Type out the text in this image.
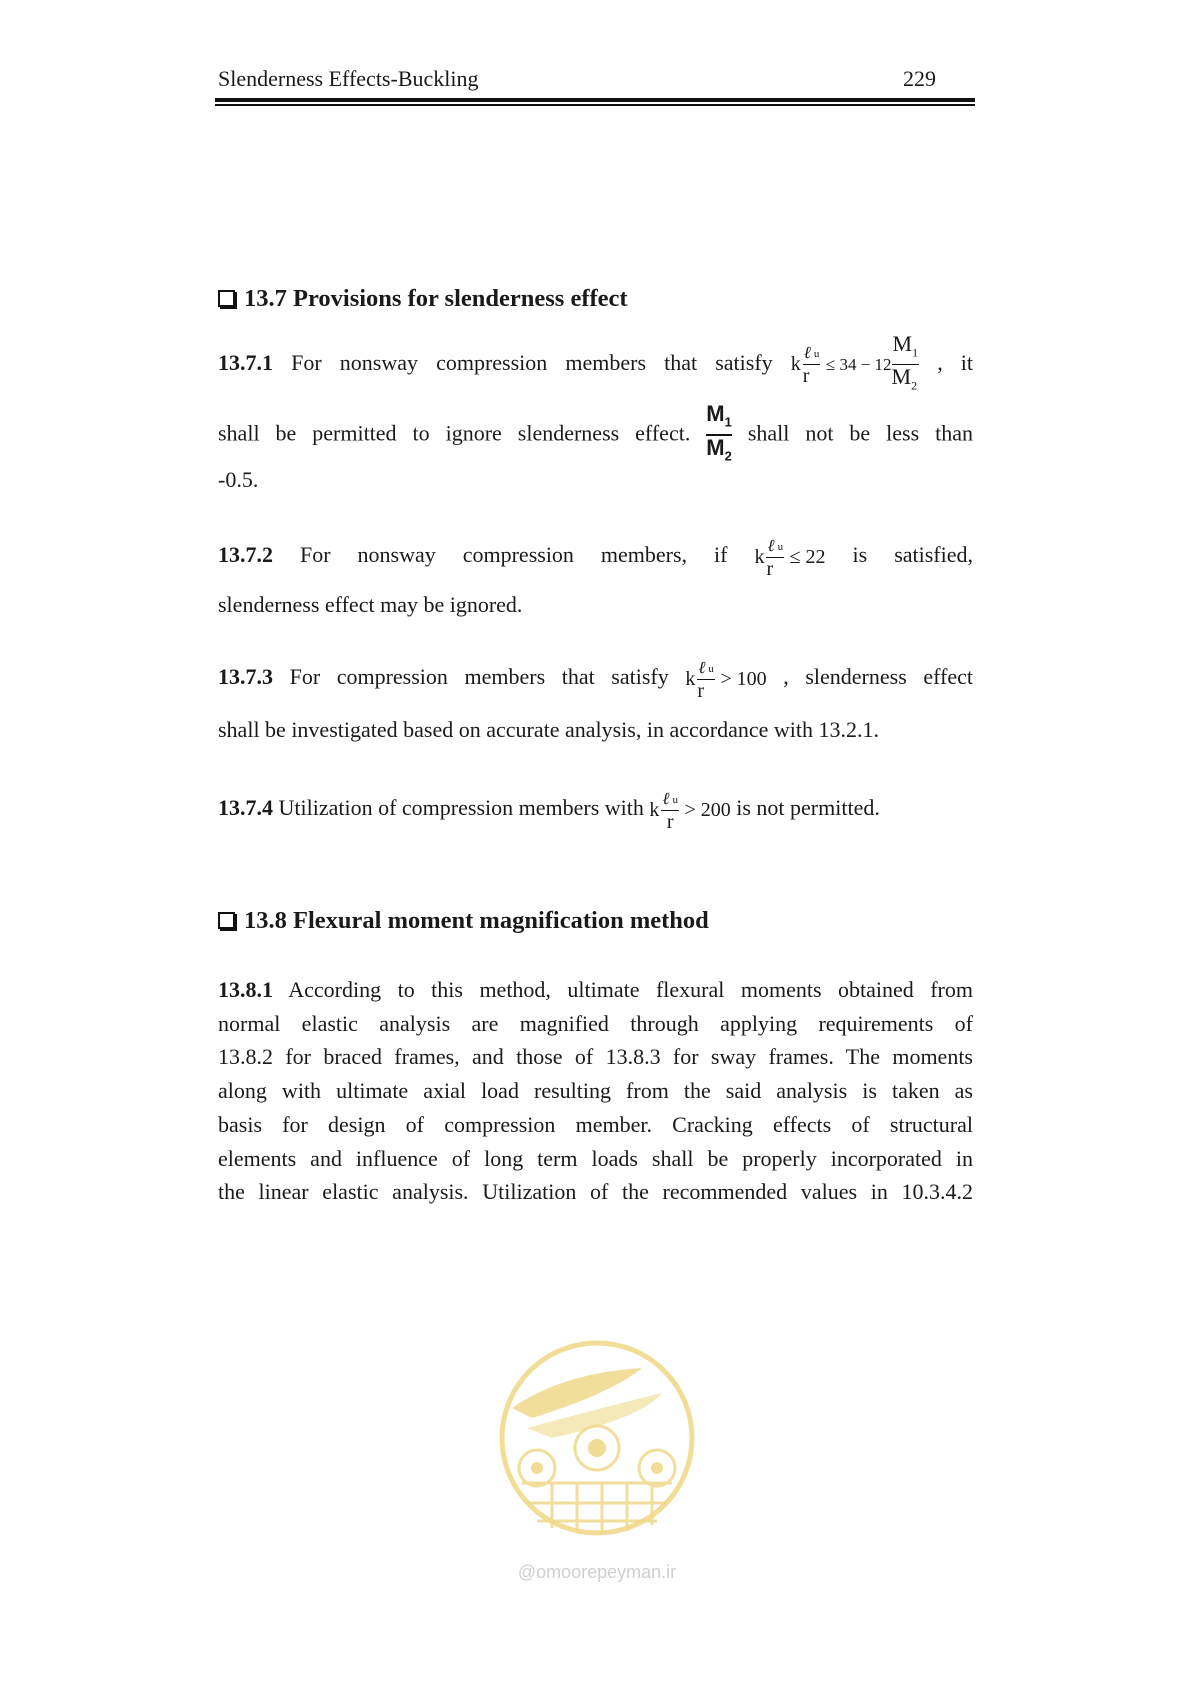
Slenderness Effects-Buckling	229
13.7 Provisions for slenderness effect
13.7.1 For nonsway compression members that satisfy k $\frac{\text{ℓ u}}{r} \le 34 - 12 \frac{M_1}{M_2}$ , it
shall be permitted to ignore slenderness effect. $\frac{M_1}{M_2}$ shall not be less than
-0.5.
13.7.2 For nonsway compression members, if k $\frac{\text{ℓ u}}{r} \le 22$ is satisfied,
slenderness effect may be ignored.
13.7.3 For compression members that satisfy k $\frac{\text{ℓ u}}{r} > 100$ , slenderness effect
shall be investigated based on accurate analysis, in accordance with 13.2.1.
13.7.4 Utilization of compression members with k $\frac{\text{ℓ u}}{r} > 200$ is not permitted.
13.8 Flexural moment magnification method
13.8.1 According to this method, ultimate flexural moments obtained from
normal elastic analysis are magnified through applying requirements of
13.8.2 for braced frames, and those of 13.8.3 for sway frames. The moments
along with ultimate axial load resulting from the said analysis is taken as
basis for design of compression member. Cracking effects of structural
elements and influence of long term loads shall be properly incorporated in
the linear elastic analysis. Utilization of the recommended values in 10.3.4.2
@omoorepeyman.ir
